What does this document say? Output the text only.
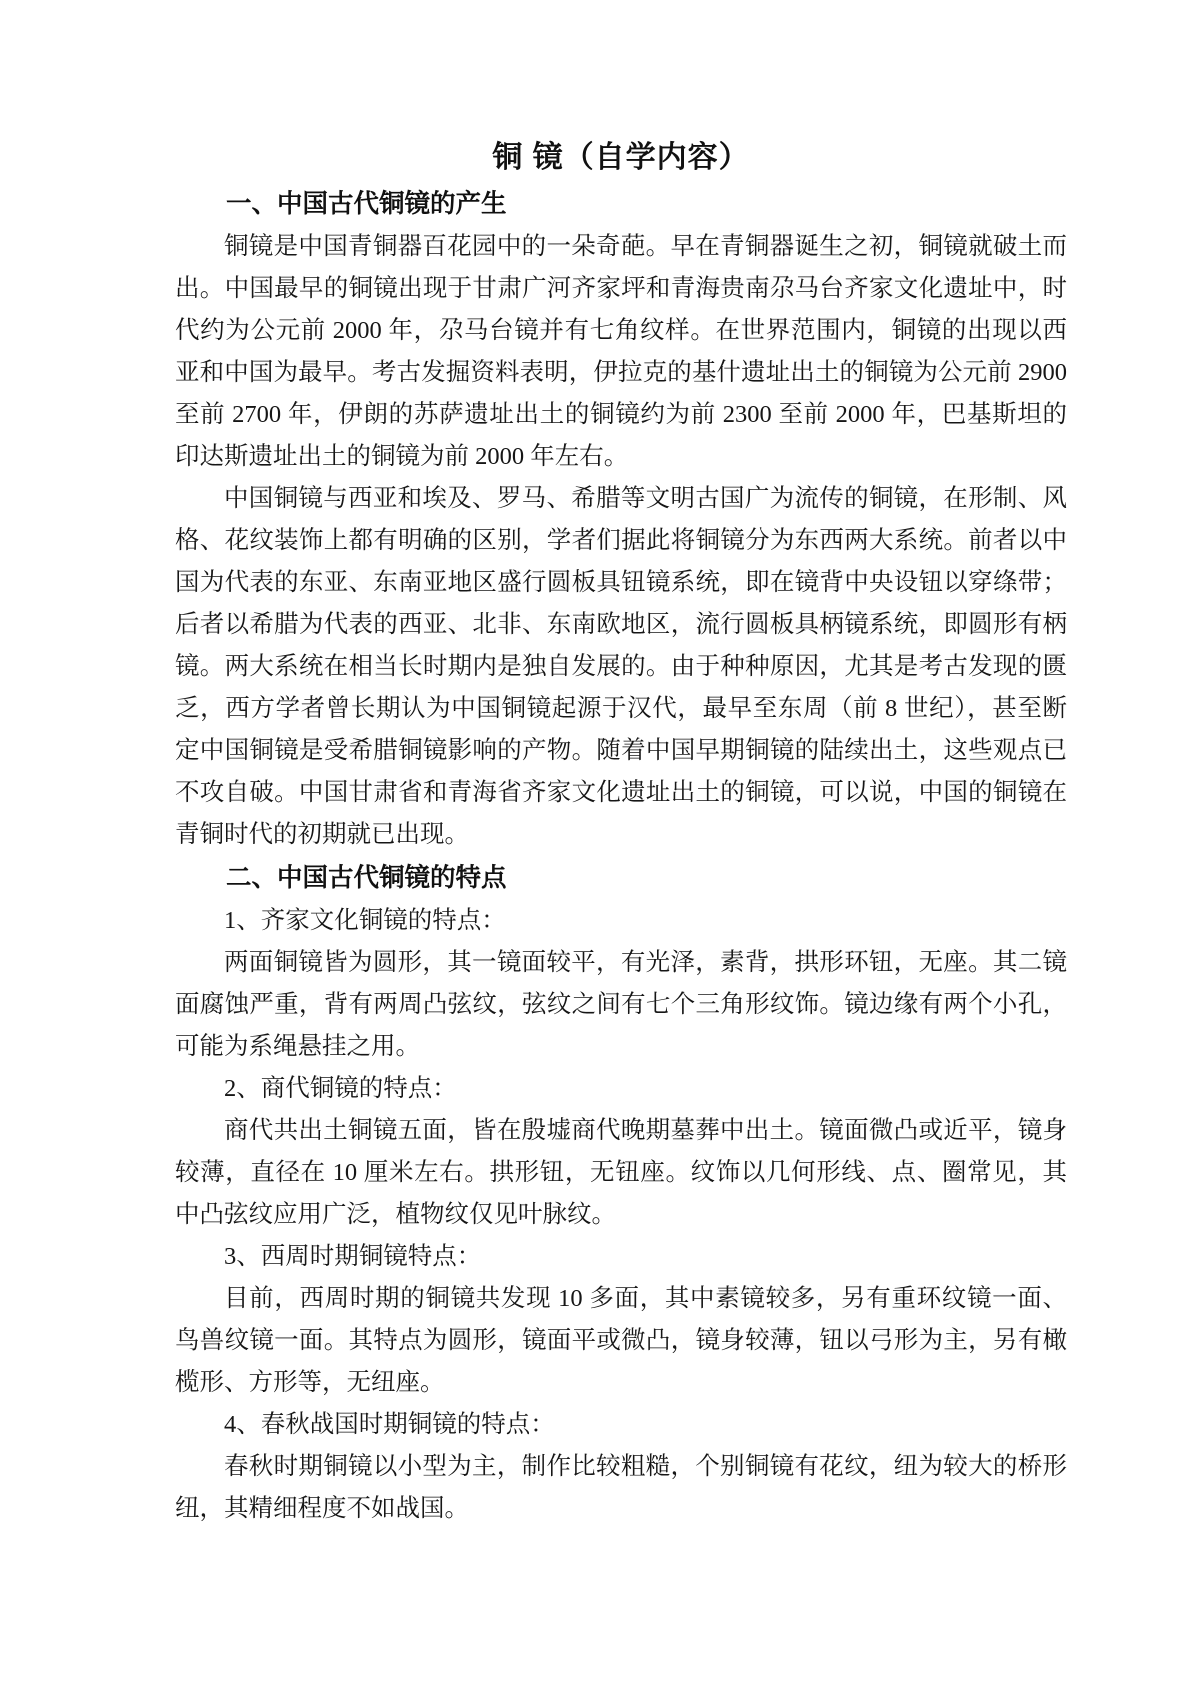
铜 镜（自学内容）
一、中国古代铜镜的产生

铜镜是中国青铜器百花园中的一朵奇葩。早在青铜器诞生之初，铜镜就破土而出。中国最早的铜镜出现于甘肃广河齐家坪和青海贵南尕马台齐家文化遗址中，时代约为公元前 2000 年，尕马台镜并有七角纹样。在世界范围内，铜镜的出现以西亚和中国为最早。考古发掘资料表明，伊拉克的基什遗址出土的铜镜为公元前 2900 至前 2700 年，伊朗的苏萨遗址出土的铜镜约为前 2300 至前 2000 年，巴基斯坦的印达斯遗址出土的铜镜为前 2000 年左右。

中国铜镜与西亚和埃及、罗马、希腊等文明古国广为流传的铜镜，在形制、风格、花纹装饰上都有明确的区别，学者们据此将铜镜分为东西两大系统。前者以中国为代表的东亚、东南亚地区盛行圆板具钮镜系统，即在镜背中央设钮以穿绦带；后者以希腊为代表的西亚、北非、东南欧地区，流行圆板具柄镜系统，即圆形有柄镜。两大系统在相当长时期内是独自发展的。由于种种原因，尤其是考古发现的匮乏，西方学者曾长期认为中国铜镜起源于汉代，最早至东周（前 8 世纪），甚至断定中国铜镜是受希腊铜镜影响的产物。随着中国早期铜镜的陆续出土，这些观点已不攻自破。中国甘肃省和青海省齐家文化遗址出土的铜镜，可以说，中国的铜镜在青铜时代的初期就已出现。

二、中国古代铜镜的特点

1、齐家文化铜镜的特点：

两面铜镜皆为圆形，其一镜面较平，有光泽，素背，拱形环钮，无座。其二镜面腐蚀严重，背有两周凸弦纹，弦纹之间有七个三角形纹饰。镜边缘有两个小孔，可能为系绳悬挂之用。

2、商代铜镜的特点：

商代共出土铜镜五面，皆在殷墟商代晚期墓葬中出土。镜面微凸或近平，镜身较薄，直径在 10 厘米左右。拱形钮，无钮座。纹饰以几何形线、点、圈常见，其中凸弦纹应用广泛，植物纹仅见叶脉纹。

3、西周时期铜镜特点：

目前，西周时期的铜镜共发现 10 多面，其中素镜较多，另有重环纹镜一面、鸟兽纹镜一面。其特点为圆形，镜面平或微凸，镜身较薄，钮以弓形为主，另有橄榄形、方形等，无纽座。

4、春秋战国时期铜镜的特点：

春秋时期铜镜以小型为主，制作比较粗糙，个别铜镜有花纹，纽为较大的桥形纽，其精细程度不如战国。
